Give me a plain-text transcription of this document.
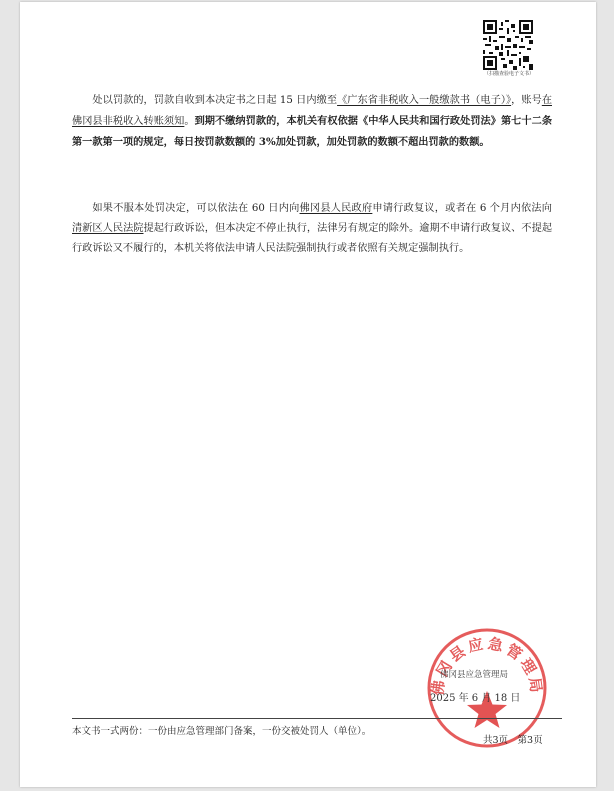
（扫描查验电子文书）
处以罚款的，罚款自收到本决定书之日起 15 日内缴至《广东省非税收入一般缴款书（电子）》，账号在佛冈县非税收入转账须知。到期不缴纳罚款的，本机关有权依据《中华人民共和国行政处罚法》第七十二条第一款第一项的规定，每日按罚款数额的 3%加处罚款，加处罚款的数额不超出罚款的数额。
如果不服本处罚决定，可以依法在 60 日内向佛冈县人民政府申请行政复议，或者在 6 个月内依法向清新区人民法院提起行政诉讼，但本决定不停止执行，法律另有规定的除外。逾期不申请行政复议、不提起行政诉讼又不履行的，本机关将依法申请人民法院强制执行或者依照有关规定强制执行。
佛冈县应急管理局
佛冈县应急管理局
2025 年 6 月 18 日
本文书一式两份：一份由应急管理部门备案，一份交被处罚人（单位）。
共3页　第3页
